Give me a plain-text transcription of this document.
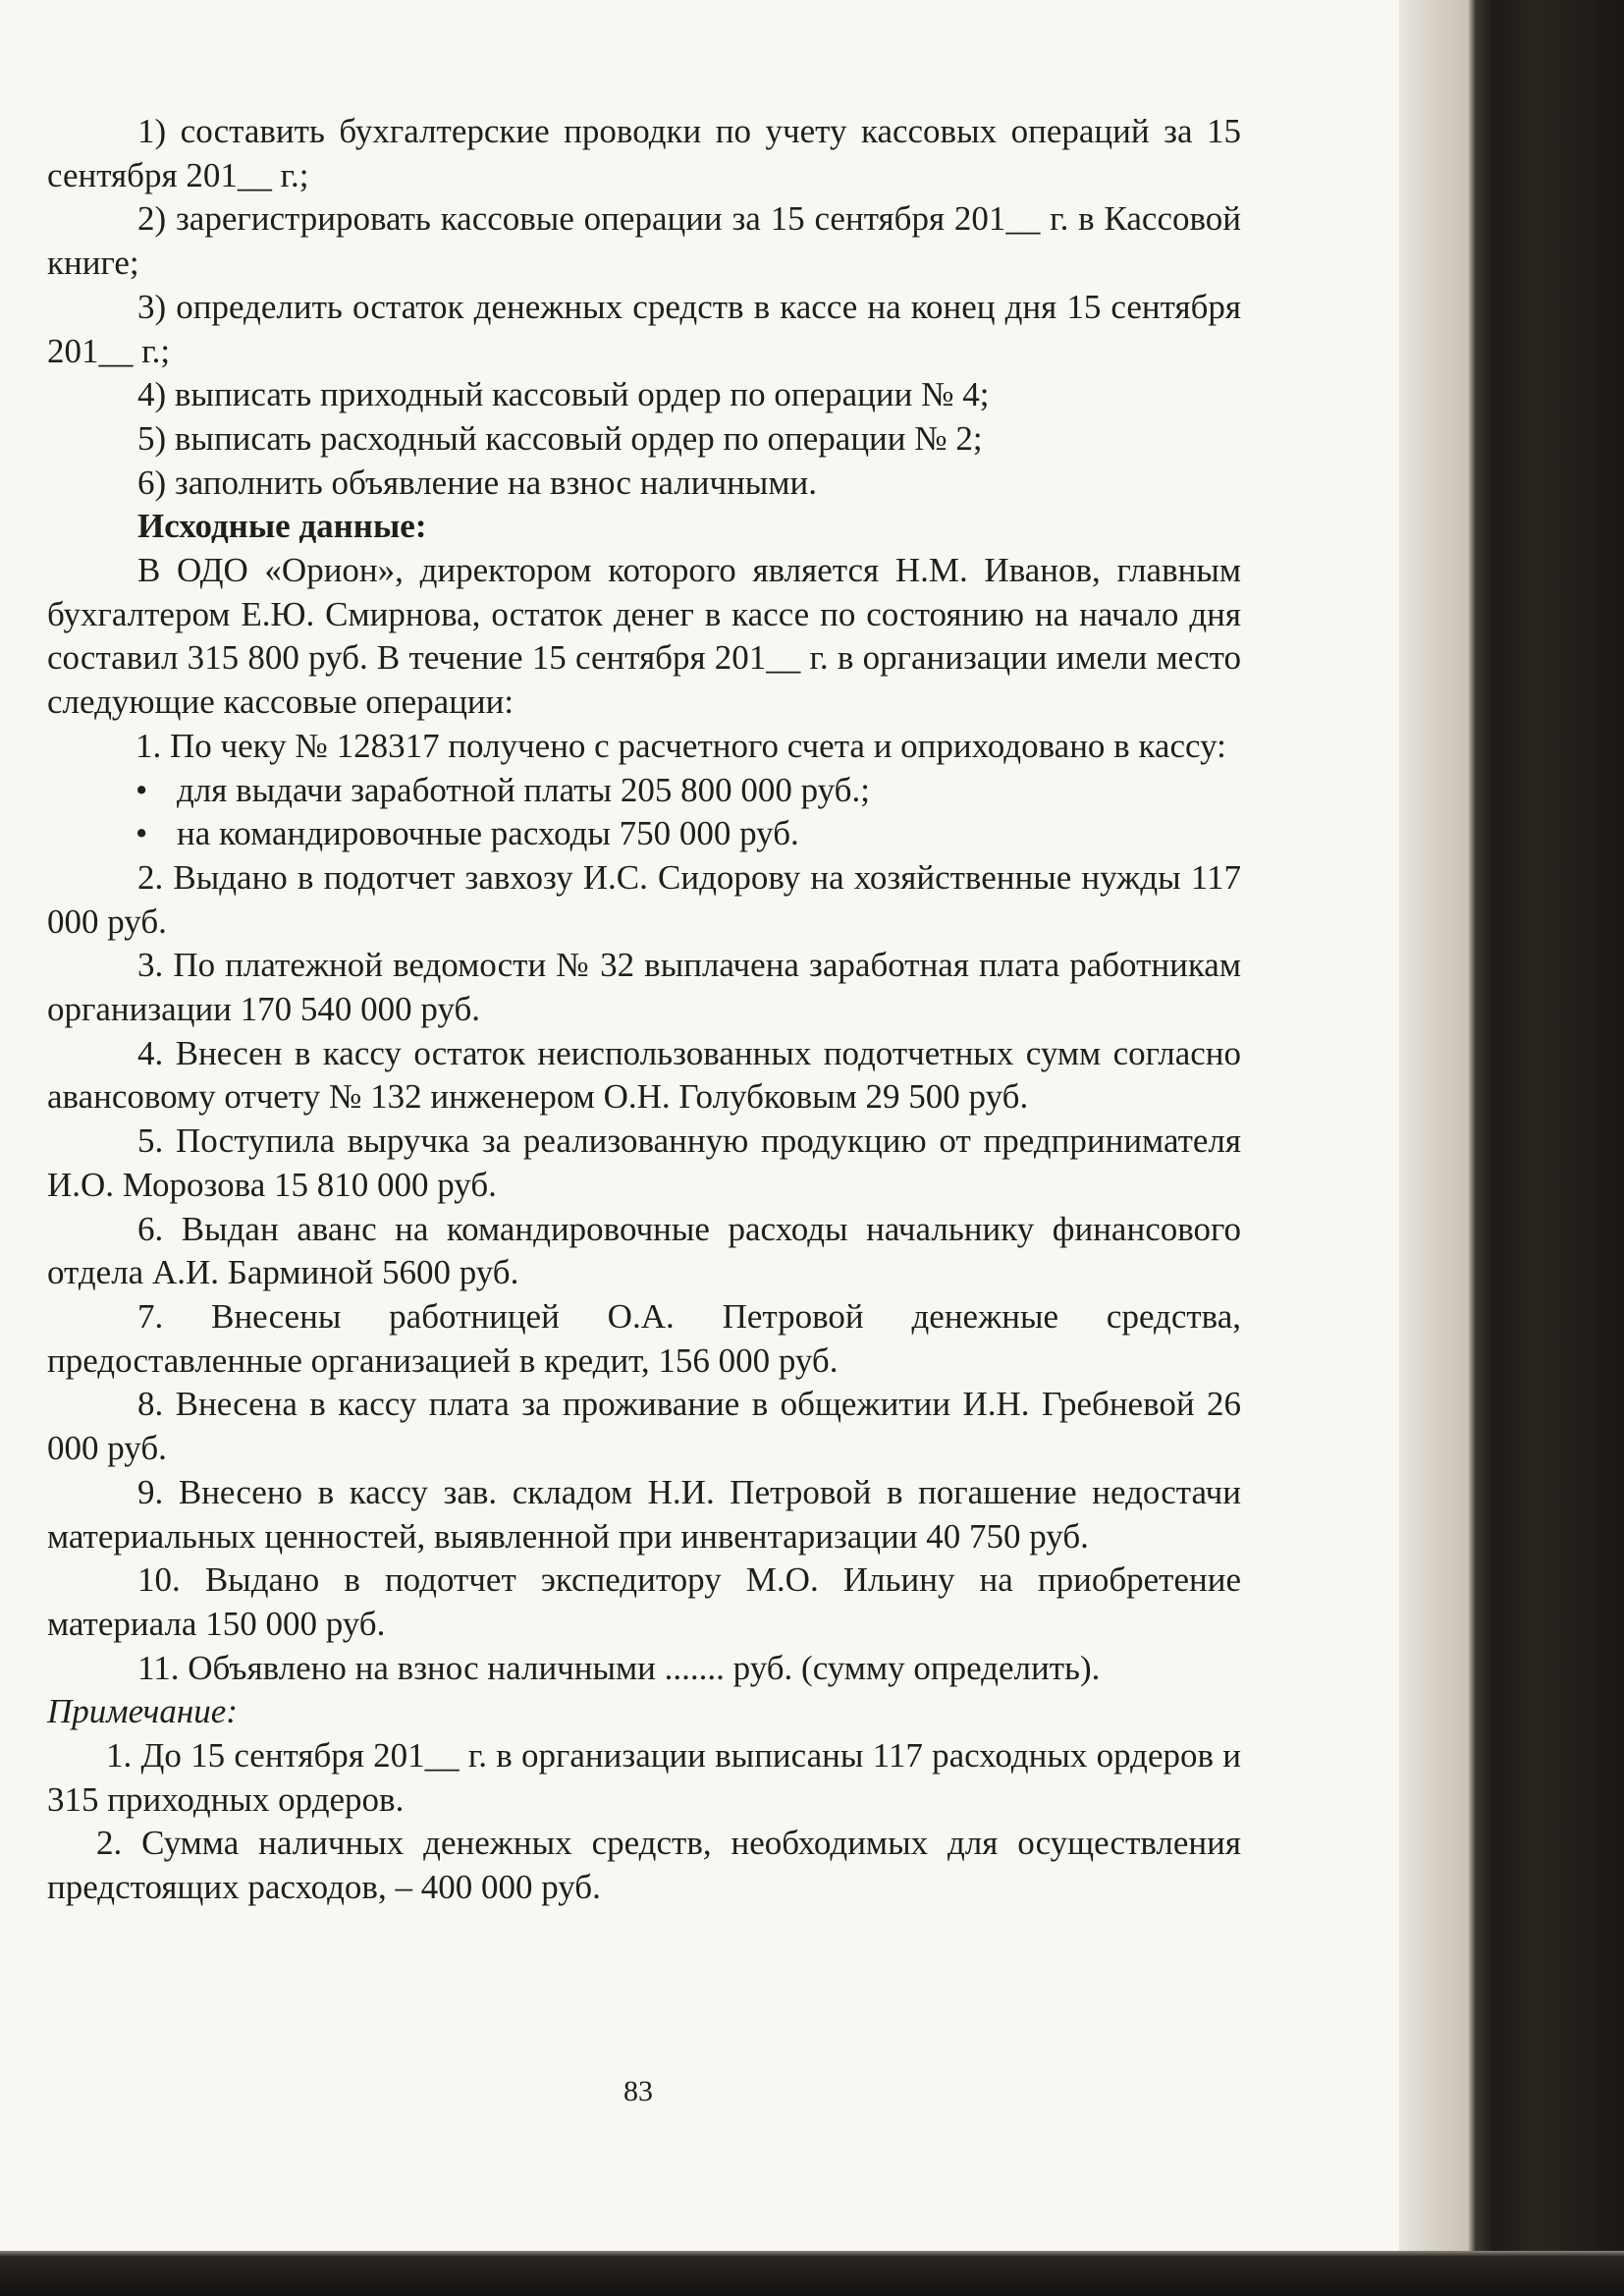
1) составить бухгалтерские проводки по учету кассовых операций за 15 сентября 201__ г.;

2) зарегистрировать кассовые операции за 15 сентября 201__ г. в Кассовой книге;

3) определить остаток денежных средств в кассе на конец дня 15 сентября 201__ г.;

4) выписать приходный кассовый ордер по операции № 4;

5) выписать расходный кассовый ордер по операции № 2;

6) заполнить объявление на взнос наличными.

Исходные данные:

В ОДО «Орион», директором которого является Н.М. Иванов, главным бухгалтером Е.Ю. Смирнова, остаток денег в кассе по состоянию на начало дня составил 315 800 руб. В течение 15 сентября 201__ г. в организации имели место следующие кассовые операции:

1. По чеку № 128317 получено с расчетного счета и оприходовано в кассу:

• для выдачи заработной платы 205 800 000 руб.;

• на командировочные расходы 750 000 руб.

2. Выдано в подотчет завхозу И.С. Сидорову на хозяйственные нужды 117 000 руб.

3. По платежной ведомости № 32 выплачена заработная плата работникам организации 170 540 000 руб.

4. Внесен в кассу остаток неиспользованных подотчетных сумм согласно авансовому отчету № 132 инженером О.Н. Голубковым 29 500 руб.

5. Поступила выручка за реализованную продукцию от предпринимателя И.О. Морозова 15 810 000 руб.

6. Выдан аванс на командировочные расходы начальнику финансового отдела А.И. Барминой 5600 руб.

7. Внесены работницей О.А. Петровой денежные средства, предоставленные организацией в кредит, 156 000 руб.

8. Внесена в кассу плата за проживание в общежитии И.Н. Гребневой 26 000 руб.

9. Внесено в кассу зав. складом Н.И. Петровой в погашение недостачи материальных ценностей, выявленной при инвентаризации 40 750 руб.

10. Выдано в подотчет экспедитору М.О. Ильину на приобретение материала 150 000 руб.

11. Объявлено на взнос наличными ....... руб. (сумму определить).

Примечание:

1. До 15 сентября 201__ г. в организации выписаны 117 расходных ордеров и 315 приходных ордеров.

2. Сумма наличных денежных средств, необходимых для осуществления предстоящих расходов, – 400 000 руб.

83
